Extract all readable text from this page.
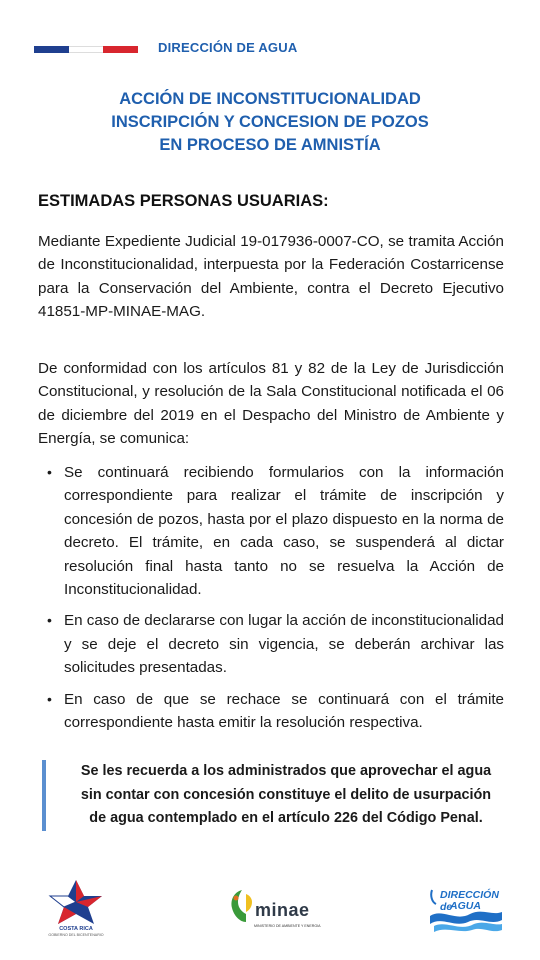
DIRECCIÓN DE AGUA
ACCIÓN DE INCONSTITUCIONALIDAD
INSCRIPCIÓN Y CONCESION DE POZOS
EN PROCESO DE AMNISTÍA
ESTIMADAS PERSONAS USUARIAS:
Mediante Expediente Judicial 19-017936-0007-CO, se tramita Acción de Inconstitucionalidad, interpuesta por la Federación Costarricense para la Conservación del Ambiente, contra el Decreto Ejecutivo 41851-MP-MINAE-MAG.
De conformidad con los artículos 81 y 82 de la Ley de Jurisdicción Constitucional, y resolución de la Sala Constitucional notificada el 06 de diciembre del 2019 en el Despacho del Ministro de Ambiente y Energía, se comunica:
• Se continuará recibiendo formularios con la información correspondiente para realizar el trámite de inscripción y concesión de pozos, hasta por el plazo dispuesto en la norma de decreto. El trámite, en cada caso, se suspenderá al dictar resolución final hasta tanto no se resuelva la Acción de Inconstitucionalidad.
• En caso de declararse con lugar la acción de inconstitucionalidad y se deje el decreto sin vigencia, se deberán archivar las solicitudes presentadas.
• En caso de que se rechace se continuará con el trámite correspondiente hasta emitir la resolución respectiva.
Se les recuerda a los administrados que aprovechar el agua
sin contar con concesión constituye el delito de usurpación
de agua contemplado en el artículo 226 del Código Penal.
COSTA RICA
GOBIERNO DEL BICENTENARIO
minae
MINISTERIO DE AMBIENTE Y ENERGIA
DIRECCIÓN de
AGUA
